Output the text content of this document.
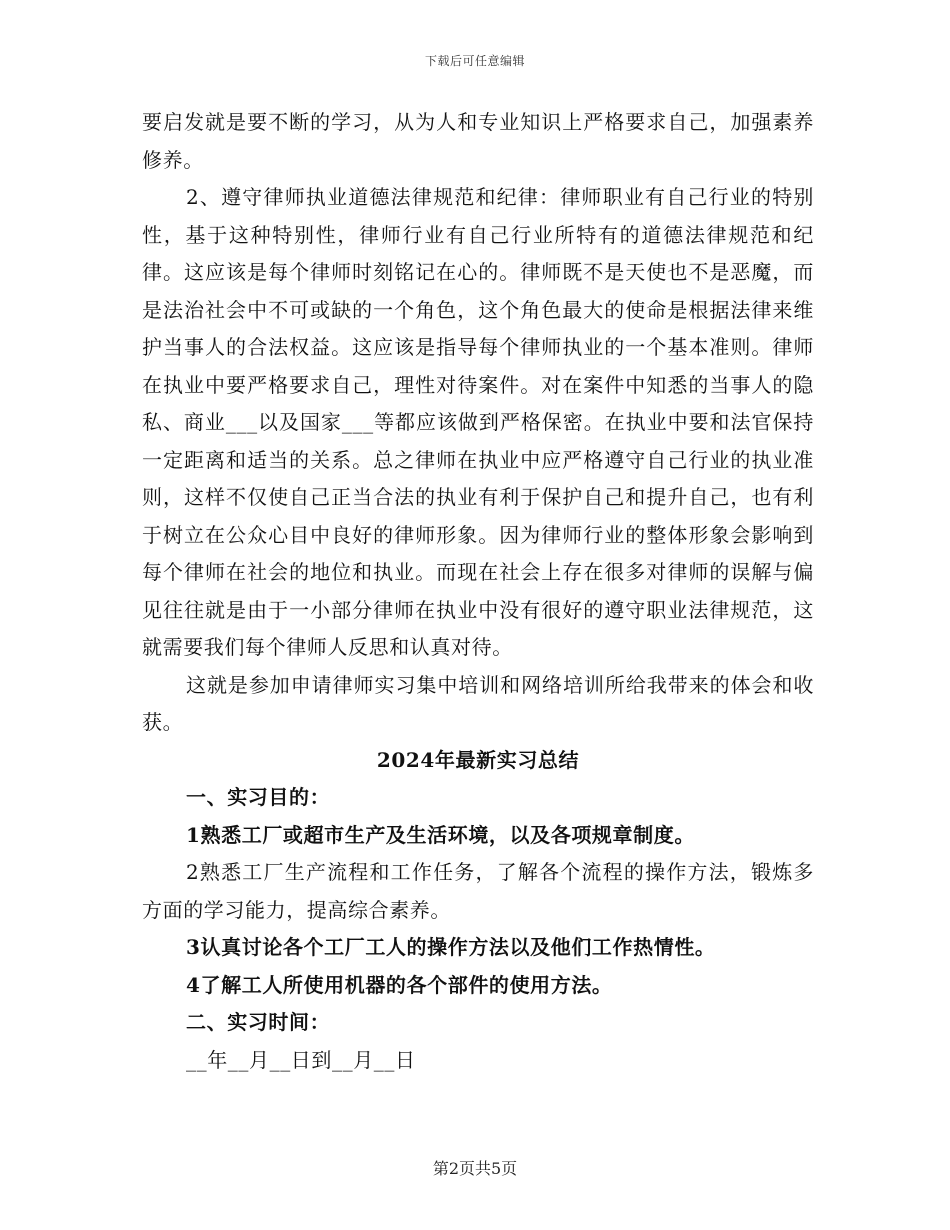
下载后可任意编辑

要启发就是要不断的学习，从为人和专业知识上严格要求自己，加强素养修养。

2、遵守律师执业道德法律规范和纪律：律师职业有自己行业的特别性，基于这种特别性，律师行业有自己行业所特有的道德法律规范和纪律。这应该是每个律师时刻铭记在心的。律师既不是天使也不是恶魔，而是法治社会中不可或缺的一个角色，这个角色最大的使命是根据法律来维护当事人的合法权益。这应该是指导每个律师执业的一个基本准则。律师在执业中要严格要求自己，理性对待案件。对在案件中知悉的当事人的隐私、商业___以及国家___等都应该做到严格保密。在执业中要和法官保持一定距离和适当的关系。总之律师在执业中应严格遵守自己行业的执业准则，这样不仅使自己正当合法的执业有利于保护自己和提升自己，也有利于树立在公众心目中良好的律师形象。因为律师行业的整体形象会影响到每个律师在社会的地位和执业。而现在社会上存在很多对律师的误解与偏见往往就是由于一小部分律师在执业中没有很好的遵守职业法律规范，这就需要我们每个律师人反思和认真对待。

这就是参加申请律师实习集中培训和网络培训所给我带来的体会和收获。

2024年最新实习总结

一、实习目的：

1熟悉工厂或超市生产及生活环境，以及各项规章制度。

2熟悉工厂生产流程和工作任务，了解各个流程的操作方法，锻炼多方面的学习能力，提高综合素养。

3认真讨论各个工厂工人的操作方法以及他们工作热情性。

4了解工人所使用机器的各个部件的使用方法。

二、实习时间：

__年__月__日到__月__日

第2页共5页
